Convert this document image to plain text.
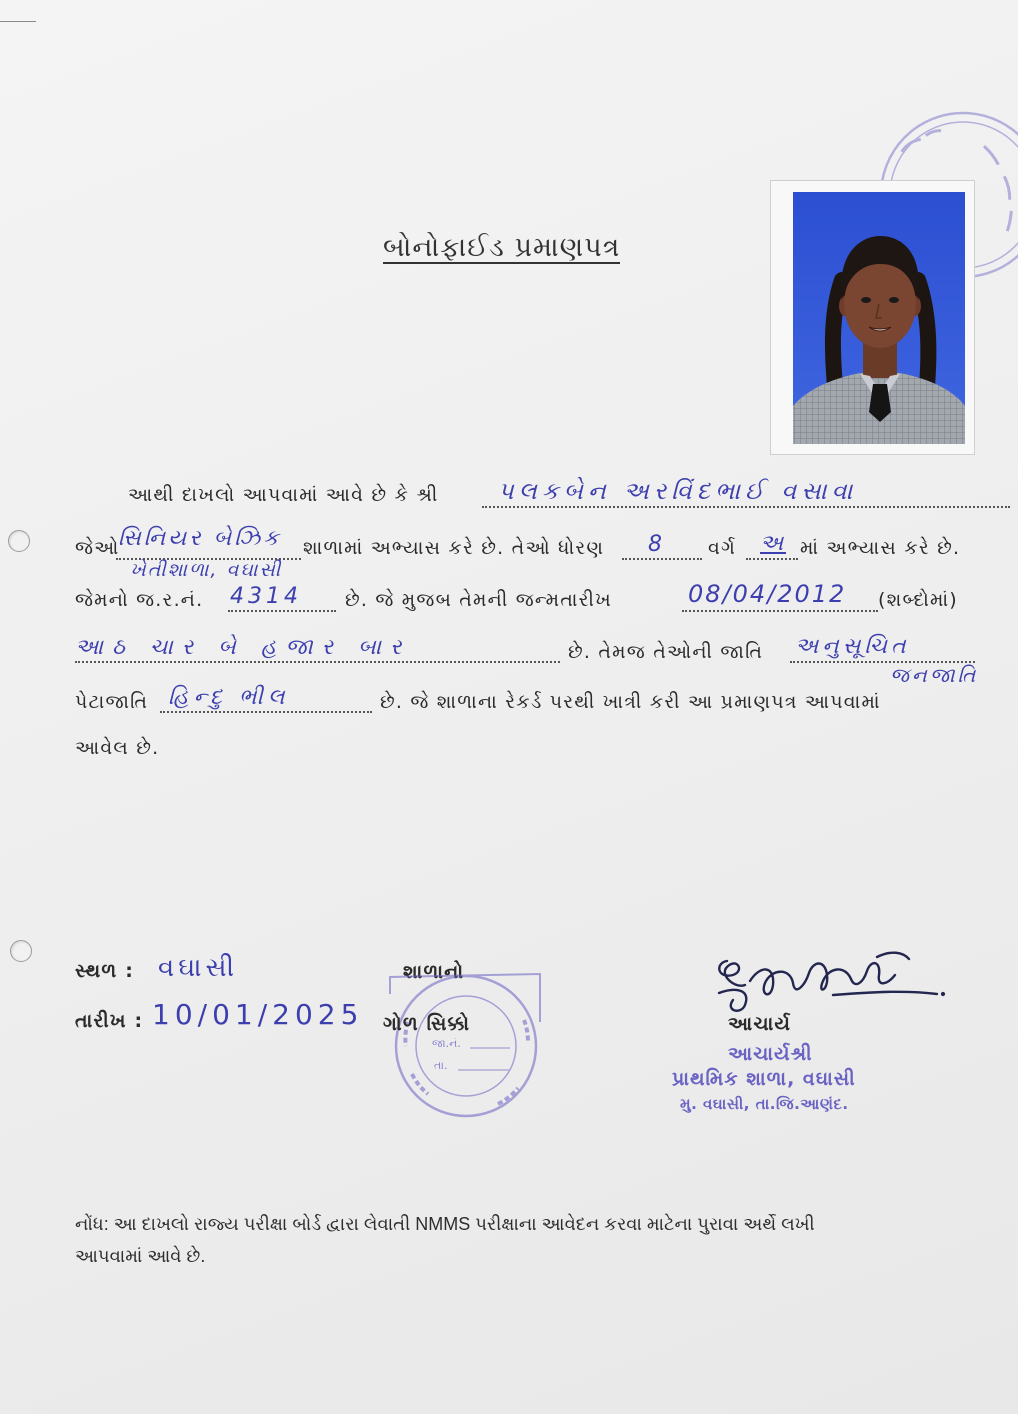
બોનોફાઈડ પ્રમાણપત્ર
આથી દાખલો આપવામાં આવે છે કે શ્રી પલકબેન અરવિંદભાઈ વસાવા
જેઓ
સિનિયર બેઝિક શાળામાં અભ્યાસ કરે છે. તેઓ ધોરણ 8 વર્ગ અ માં અભ્યાસ કરે છે.
ખેતીશાળા, વઘાસી
જેમનો જ.ર.નં. 4314 છે. જે મુજબ તેમની જન્મતારીખ	08/04/2012 (શબ્દોમાં)
આઠ ચાર બે હજાર બાર	છે. તેમજ તેઓની જાતિ અનુસૂચિત
જનજાતિ
પેટાજાતિ હિન્દુ ભીલ	છે. જે શાળાના રેકર્ડ પરથી ખાત્રી કરી આ પ્રમાણપત્ર આપવામાં
આવેલ છે.
સ્થળ : વઘાસી
તારીખ : 10/01/2025
શાળાનો
ગોળ સિક્કો
જા.નં.
તા.
આચાર્ય
આચાર્યશ્રી
પ્રાથમિક શાળા, વઘાસી
મુ. વઘાસી, તા.જિ.આણંદ.
નોંધ: આ દાખલો રાજ્ય પરીક્ષા બોર્ડ દ્વારા લેવાતી NMMS પરીક્ષાના આવેદન કરવા માટેના પુરાવા અર્થે લખી
આપવામાં આવે છે.
